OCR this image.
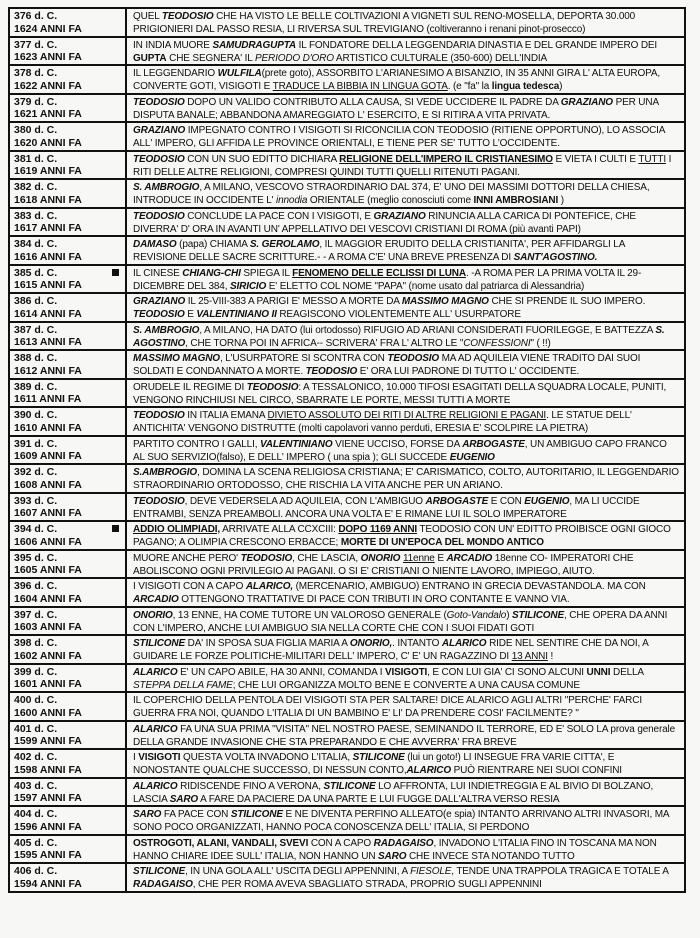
376 d. C.
1624 ANNI FA
QUEL TEODOSIO CHE HA VISTO LE BELLE COLTIVAZIONI A VIGNETI SUL RENO-MOSELLA, DEPORTA 30.000 PRIGIONIERI DAL PASSO RESIA, LI RIVERSA SUL TREVIGIANO (coltiveranno i renani pinot-prosecco)
377 d. C.
1623 ANNI FA
IN INDIA MUORE SAMUDRAGUPTA IL FONDATORE DELLA LEGGENDARIA DINASTIA E DEL GRANDE IMPERO DEI GUPTA CHE SEGNERA' IL PERIODO D'ORO ARTISTICO CULTURALE (350-600) DELL'INDIA
378 d. C.
1622 ANNI FA
IL LEGGENDARIO WULFILA(prete goto), ASSORBITO L'ARIANESIMO A BISANZIO, IN 35 ANNI GIRA L' ALTA EUROPA, CONVERTE GOTI, VISIGOTI E TRADUCE LA BIBBIA IN LINGUA GOTA. (e "fa" la lingua tedesca)
379 d. C.
1621 ANNI FA
TEODOSIO DOPO UN VALIDO CONTRIBUTO ALLA CAUSA, SI VEDE UCCIDERE IL PADRE DA GRAZIANO PER UNA DISPUTA BANALE; ABBANDONA AMAREGGIATO L' ESERCITO, E SI RITIRA A VITA PRIVATA.
380 d. C.
1620 ANNI FA
GRAZIANO IMPEGNATO CONTRO I VISIGOTI SI RICONCILIA CON TEODOSIO (RITIENE OPPORTUNO), LO ASSOCIA ALL' IMPERO, GLI AFFIDA LE PROVINCE ORIENTALI, E TIENE PER SE' TUTTO L'OCCIDENTE.
381 d. C.
1619 ANNI FA
TEODOSIO CON UN SUO EDITTO DICHIARA RELIGIONE DELL'IMPERO IL CRISTIANESIMO E VIETA I CULTI E TUTTI I RITI DELLE ALTRE RELIGIONI, COMPRESI QUINDI TUTTI QUELLI RITENUTI PAGANI.
382 d. C.
1618 ANNI FA
S. AMBROGIO, A MILANO, VESCOVO STRAORDINARIO DAL 374, E' UNO DEI MASSIMI DOTTORI DELLA CHIESA, INTRODUCE IN OCCIDENTE L' innodia ORIENTALE (meglio conosciuti come INNI AMBROSIANI )
383 d. C.
1617 ANNI FA
TEODOSIO CONCLUDE LA PACE CON I VISIGOTI, E GRAZIANO RINUNCIA ALLA CARICA DI PONTEFICE, CHE DIVERRA' D' ORA IN AVANTI UN' APPELLATIVO DEI VESCOVI CRISTIANI DI ROMA (più avanti PAPI)
384 d. C.
1616 ANNI FA
DAMASO (papa) CHIAMA S. GEROLAMO, IL MAGGIOR ERUDITO DELLA CRISTIANITA', PER AFFIDARGLI LA REVISIONE DELLE SACRE SCRITTURE.- - A ROMA C'E' UNA BREVE PRESENZA DI SANT'AGOSTINO.
385 d. C.
1615 ANNI FA
IL CINESE CHIANG-CHI SPIEGA IL FENOMENO DELLE ECLISSI DI LUNA. -A ROMA PER LA PRIMA VOLTA IL 29-DICEMBRE DEL 384, SIRICIO E' ELETTO COL NOME "PAPA" (nome usato dal patriarca di Alessandria)
386 d. C.
1614 ANNI FA
GRAZIANO IL 25-VIII-383 A PARIGI E' MESSO A MORTE DA MASSIMO MAGNO CHE SI PRENDE IL SUO IMPERO. TEODOSIO E VALENTINIANO II REAGISCONO VIOLENTEMENTE ALL' USURPATORE
387 d. C.
1613 ANNI FA
S. AMBROGIO, A MILANO, HA DATO (lui ortodosso) RIFUGIO AD ARIANI CONSIDERATI FUORILEGGE, E BATTEZZA S. AGOSTINO, CHE TORNA POI IN AFRICA-- SCRIVERA' FRA L' ALTRO LE "CONFESSIONI" ( !!)
388 d. C.
1612 ANNI FA
MASSIMO MAGNO, L'USURPATORE SI SCONTRA CON TEODOSIO MA AD AQUILEIA VIENE TRADITO DAI SUOI SOLDATI E CONDANNATO A MORTE. TEODOSIO E' ORA LUI PADRONE DI TUTTO L' OCCIDENTE.
389 d. C.
1611 ANNI FA
ORUDELE IL REGIME DI TEODOSIO: A TESSALONICO, 10.000 TIFOSI ESAGITATI DELLA SQUADRA LOCALE, PUNITI, VENGONO RINCHIUSI NEL CIRCO, SBARRATE LE PORTE, MESSI TUTTI A MORTE
390 d. C.
1610 ANNI FA
TEODOSIO IN ITALIA EMANA DIVIETO ASSOLUTO DEI RITI DI ALTRE RELIGIONI E PAGANI. LE STATUE DELL' ANTICHITA' VENGONO DISTRUTTE (molti capolavori vanno perduti, ERESIA E' SCOLPIRE LA PIETRA)
391 d. C.
1609 ANNI FA
PARTITO CONTRO I GALLI, VALENTINIANO VIENE UCCISO, FORSE DA ARBOGASTE, UN AMBIGUO CAPO FRANCO AL SUO SERVIZIO(falso), E DELL' IMPERO ( una spia ); GLI SUCCEDE EUGENIO
392 d. C.
1608 ANNI FA
S.AMBROGIO, DOMINA LA SCENA RELIGIOSA CRISTIANA; E' CARISMATICO, COLTO, AUTORITARIO, IL LEGGENDARIO STRAORDINARIO ORTODOSSO, CHE RISCHIA LA VITA ANCHE PER UN ARIANO.
393 d. C.
1607 ANNI FA
TEODOSIO, DEVE VEDERSELA AD AQUILEIA, CON L'AMBIGUO ARBOGASTE E CON EUGENIO, MA LI UCCIDE ENTRAMBI, SENZA PREAMBOLI. ANCORA UNA VOLTA E' E RIMANE LUI IL SOLO IMPERATORE
394 d. C.
1606 ANNI FA
ADDIO OLIMPIADI, ARRIVATE ALLA CCXCIII: DOPO 1169 ANNI TEODOSIO CON UN' EDITTO PROIBISCE OGNI GIOCO PAGANO; A OLIMPIA CRESCONO ERBACCE; MORTE DI UN'EPOCA DEL MONDO ANTICO
395 d. C.
1605 ANNI FA
MUORE ANCHE PERO' TEODOSIO, CHE LASCIA, ONORIO 11enne E ARCADIO 18enne CO- IMPERATORI CHE ABOLISCONO OGNI PRIVILEGIO AI PAGANI. O SI E' CRISTIANI O NIENTE LAVORO, IMPIEGO, AIUTO.
396 d. C.
1604 ANNI FA
I VISIGOTI CON A CAPO ALARICO, (MERCENARIO, AMBIGUO) ENTRANO IN GRECIA DEVASTANDOLA. MA CON ARCADIO OTTENGONO TRATTATIVE DI PACE CON TRIBUTI IN ORO CONTANTE E VANNO VIA.
397 d. C.
1603 ANNI FA
ONORIO, 13 ENNE, HA COME TUTORE UN VALOROSO GENERALE (Goto-Vandalo) STILICONE, CHE OPERA DA ANNI CON L'IMPERO, ANCHE LUI AMBIGUO SIA NELLA CORTE CHE CON I SUOI FIDATI GOTI
398 d. C.
1602 ANNI FA
STILICONE DA' IN SPOSA SUA FIGLIA MARIA A ONORIO,. INTANTO ALARICO RIDE NEL SENTIRE CHE DA NOI, A GUIDARE LE FORZE POLITICHE-MILITARI DELL' IMPERO, C' E' UN RAGAZZINO DI 13 ANNI !
399 d. C.
1601 ANNI FA
ALARICO E' UN CAPO ABILE, HA 30 ANNI, COMANDA I VISIGOTI, E CON LUI GIA' CI SONO ALCUNI UNNI DELLA STEPPA DELLA FAME; CHE LUI ORGANIZZA MOLTO BENE E CONVERTE A UNA CAUSA COMUNE
400 d. C.
1600 ANNI FA
IL COPERCHIO DELLA PENTOLA DEI VISIGOTI STA PER SALTARE! DICE ALARICO AGLI ALTRI "PERCHE' FARCI GUERRA FRA NOI, QUANDO L'ITALIA DI UN BAMBINO E' LI' DA PRENDERE COSI' FACILMENTE? "
401 d. C.
1599 ANNI FA
ALARICO FA UNA SUA PRIMA "VISITA" NEL NOSTRO PAESE, SEMINANDO IL TERRORE, ED E' SOLO LA prova generale DELLA GRANDE INVASIONE CHE STA PREPARANDO E CHE AVVERRA' FRA BREVE
402 d. C.
1598 ANNI FA
I VISIGOTI QUESTA VOLTA INVADONO L'ITALIA, STILICONE (lui un goto!) LI INSEGUE FRA VARIE CITTA', E NONOSTANTE QUALCHE SUCCESSO, DI NESSUN CONTO,ALARICO PUÒ RIENTRARE NEI SUOI CONFINI
403 d. C.
1597 ANNI FA
ALARICO RIDISCENDE FINO A VERONA, STILICONE LO AFFRONTA, LUI INDIETREGGIA E AL BIVIO DI BOLZANO, LASCIA SARO A FARE DA PACIERE DA UNA PARTE E LUI FUGGE DALL'ALTRA VERSO RESIA
404 d. C.
1596 ANNI FA
SARO FA PACE CON STILICONE E NE DIVENTA PERFINO ALLEATO(e spia) INTANTO ARRIVANO ALTRI INVASORI, MA SONO POCO ORGANIZZATI, HANNO POCA CONOSCENZA DELL' ITALIA, SI PERDONO
405 d. C.
1595 ANNI FA
OSTROGOTI, ALANI, VANDALI, SVEVI CON A CAPO RADAGAISO, INVADONO L'ITALIA FINO IN TOSCANA MA NON HANNO CHIARE IDEE SULL' ITALIA, NON HANNO UN SARO CHE INVECE STA NOTANDO TUTTO
406 d. C.
1594 ANNI FA
STILICONE, IN UNA GOLA ALL' USCITA DEGLI APPENNINI, A FIESOLE, TENDE UNA TRAPPOLA TRAGICA E TOTALE A RADAGAISO, CHE PER ROMA AVEVA SBAGLIATO STRADA, PROPRIO SUGLI APPENNINI
